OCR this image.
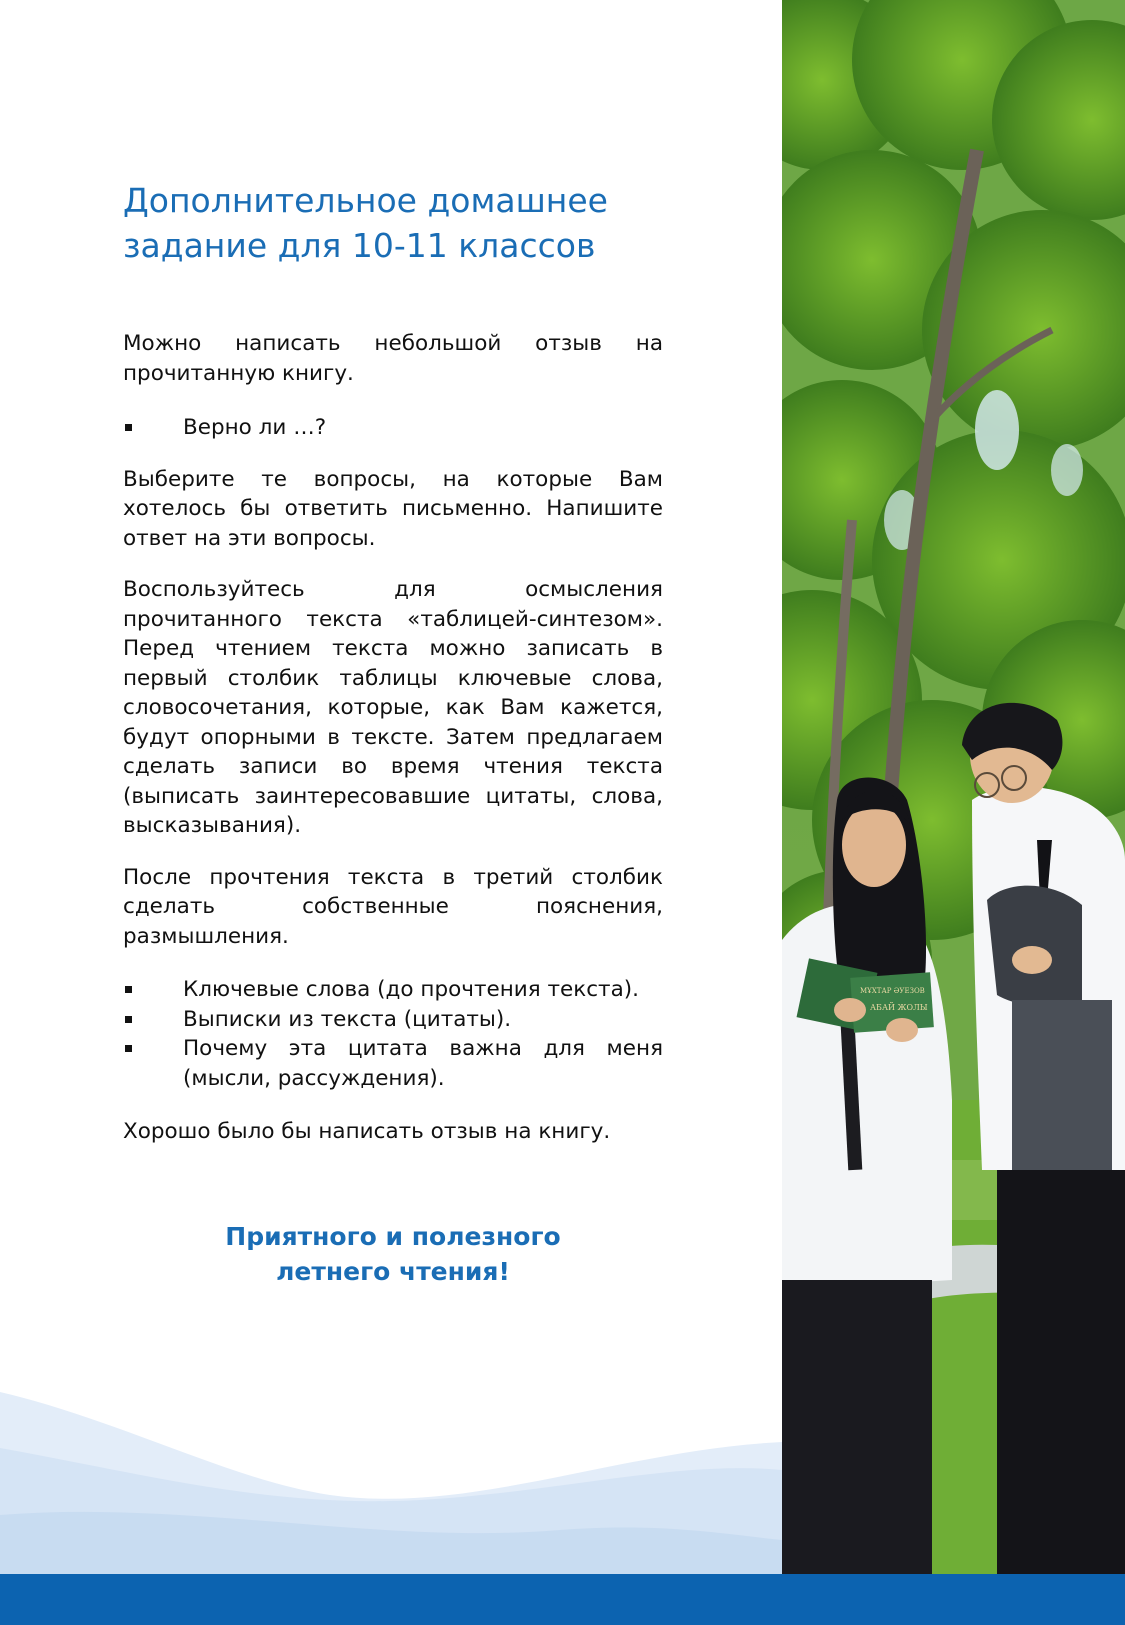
Дополнительное домашнее
задание для 10-11 классов

Можно написать небольшой отзыв на прочитанную книгу.

Верно ли …?

Выберите те вопросы, на которые Вам хотелось бы ответить письменно. Напишите ответ на эти вопросы.

Воспользуйтесь для осмысления прочитанного текста «таблицей-синтезом». Перед чтением текста можно записать в первый столбик таблицы ключевые слова, словосочетания, которые, как Вам кажется, будут опорными в тексте. Затем предлагаем сделать записи во время чтения текста (выписать заинтересовавшие цитаты, слова, высказывания).

После прочтения текста в третий столбик сделать собственные пояснения, размышления.

Ключевые слова (до прочтения текста).
Выписки из текста (цитаты).
Почему эта цитата важна для меня (мысли, рассуждения).

Хорошо было бы написать отзыв на книгу.

Приятного и полезного
летнего чтения!

МҰХТАР ӘУЕЗОВ
АБАЙ ЖОЛЫ
